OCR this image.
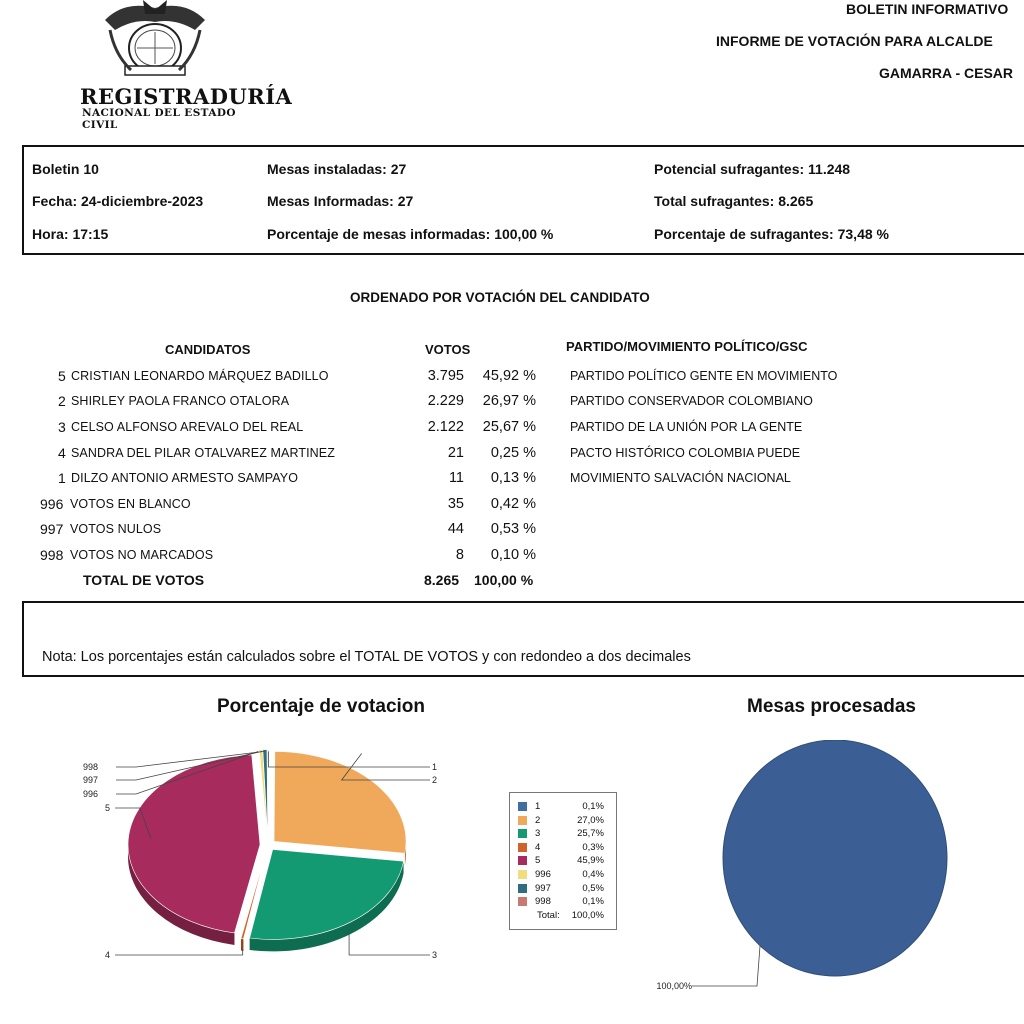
REGISTRADURÍA
NACIONAL DEL ESTADO CIVIL
BOLETIN INFORMATIVO
INFORME DE VOTACIÓN PARA ALCALDE
GAMARRA - CESAR
Boletin 10
Fecha: 24-diciembre-2023
Hora: 17:15
Mesas instaladas: 27
Mesas Informadas: 27
Porcentaje de mesas informadas: 100,00 %
Potencial sufragantes: 11.248
Total sufragantes: 8.265
Porcentaje de sufragantes: 73,48 %
ORDENADO POR VOTACIÓN DEL CANDIDATO
CANDIDATOS	VOTOS	PARTIDO/MOVIMIENTO POLÍTICO/GSC
5 CRISTIAN LEONARDO MÁRQUEZ BADILLO	3.795	45,92 %	PARTIDO POLÍTICO GENTE EN MOVIMIENTO
2 SHIRLEY PAOLA FRANCO OTALORA	2.229	26,97 %	PARTIDO CONSERVADOR COLOMBIANO
3 CELSO ALFONSO AREVALO DEL REAL	2.122	25,67 %	PARTIDO DE LA UNIÓN POR LA GENTE
4 SANDRA DEL PILAR OTALVAREZ MARTINEZ	21	0,25 %	PACTO HISTÓRICO COLOMBIA PUEDE
1 DILZO ANTONIO ARMESTO SAMPAYO	11	0,13 %	MOVIMIENTO SALVACIÓN NACIONAL
996 VOTOS EN BLANCO	35	0,42 %
997 VOTOS NULOS	44	0,53 %
998 VOTOS NO MARCADOS	8	0,10 %
TOTAL DE VOTOS	8.265 100,00 %
Nota: Los porcentajes están calculados sobre el TOTAL DE VOTOS y con redondeo a dos decimales
Porcentaje de votacion	Mesas procesadas
1
2
3
4
5
996
997
998
1	0,1%
2	27,0%
3	25,7%
4	0,3%
5	45,9%
996	0,4%
997	0,5%
998	0,1%
Total: 100,0%
100,00%
